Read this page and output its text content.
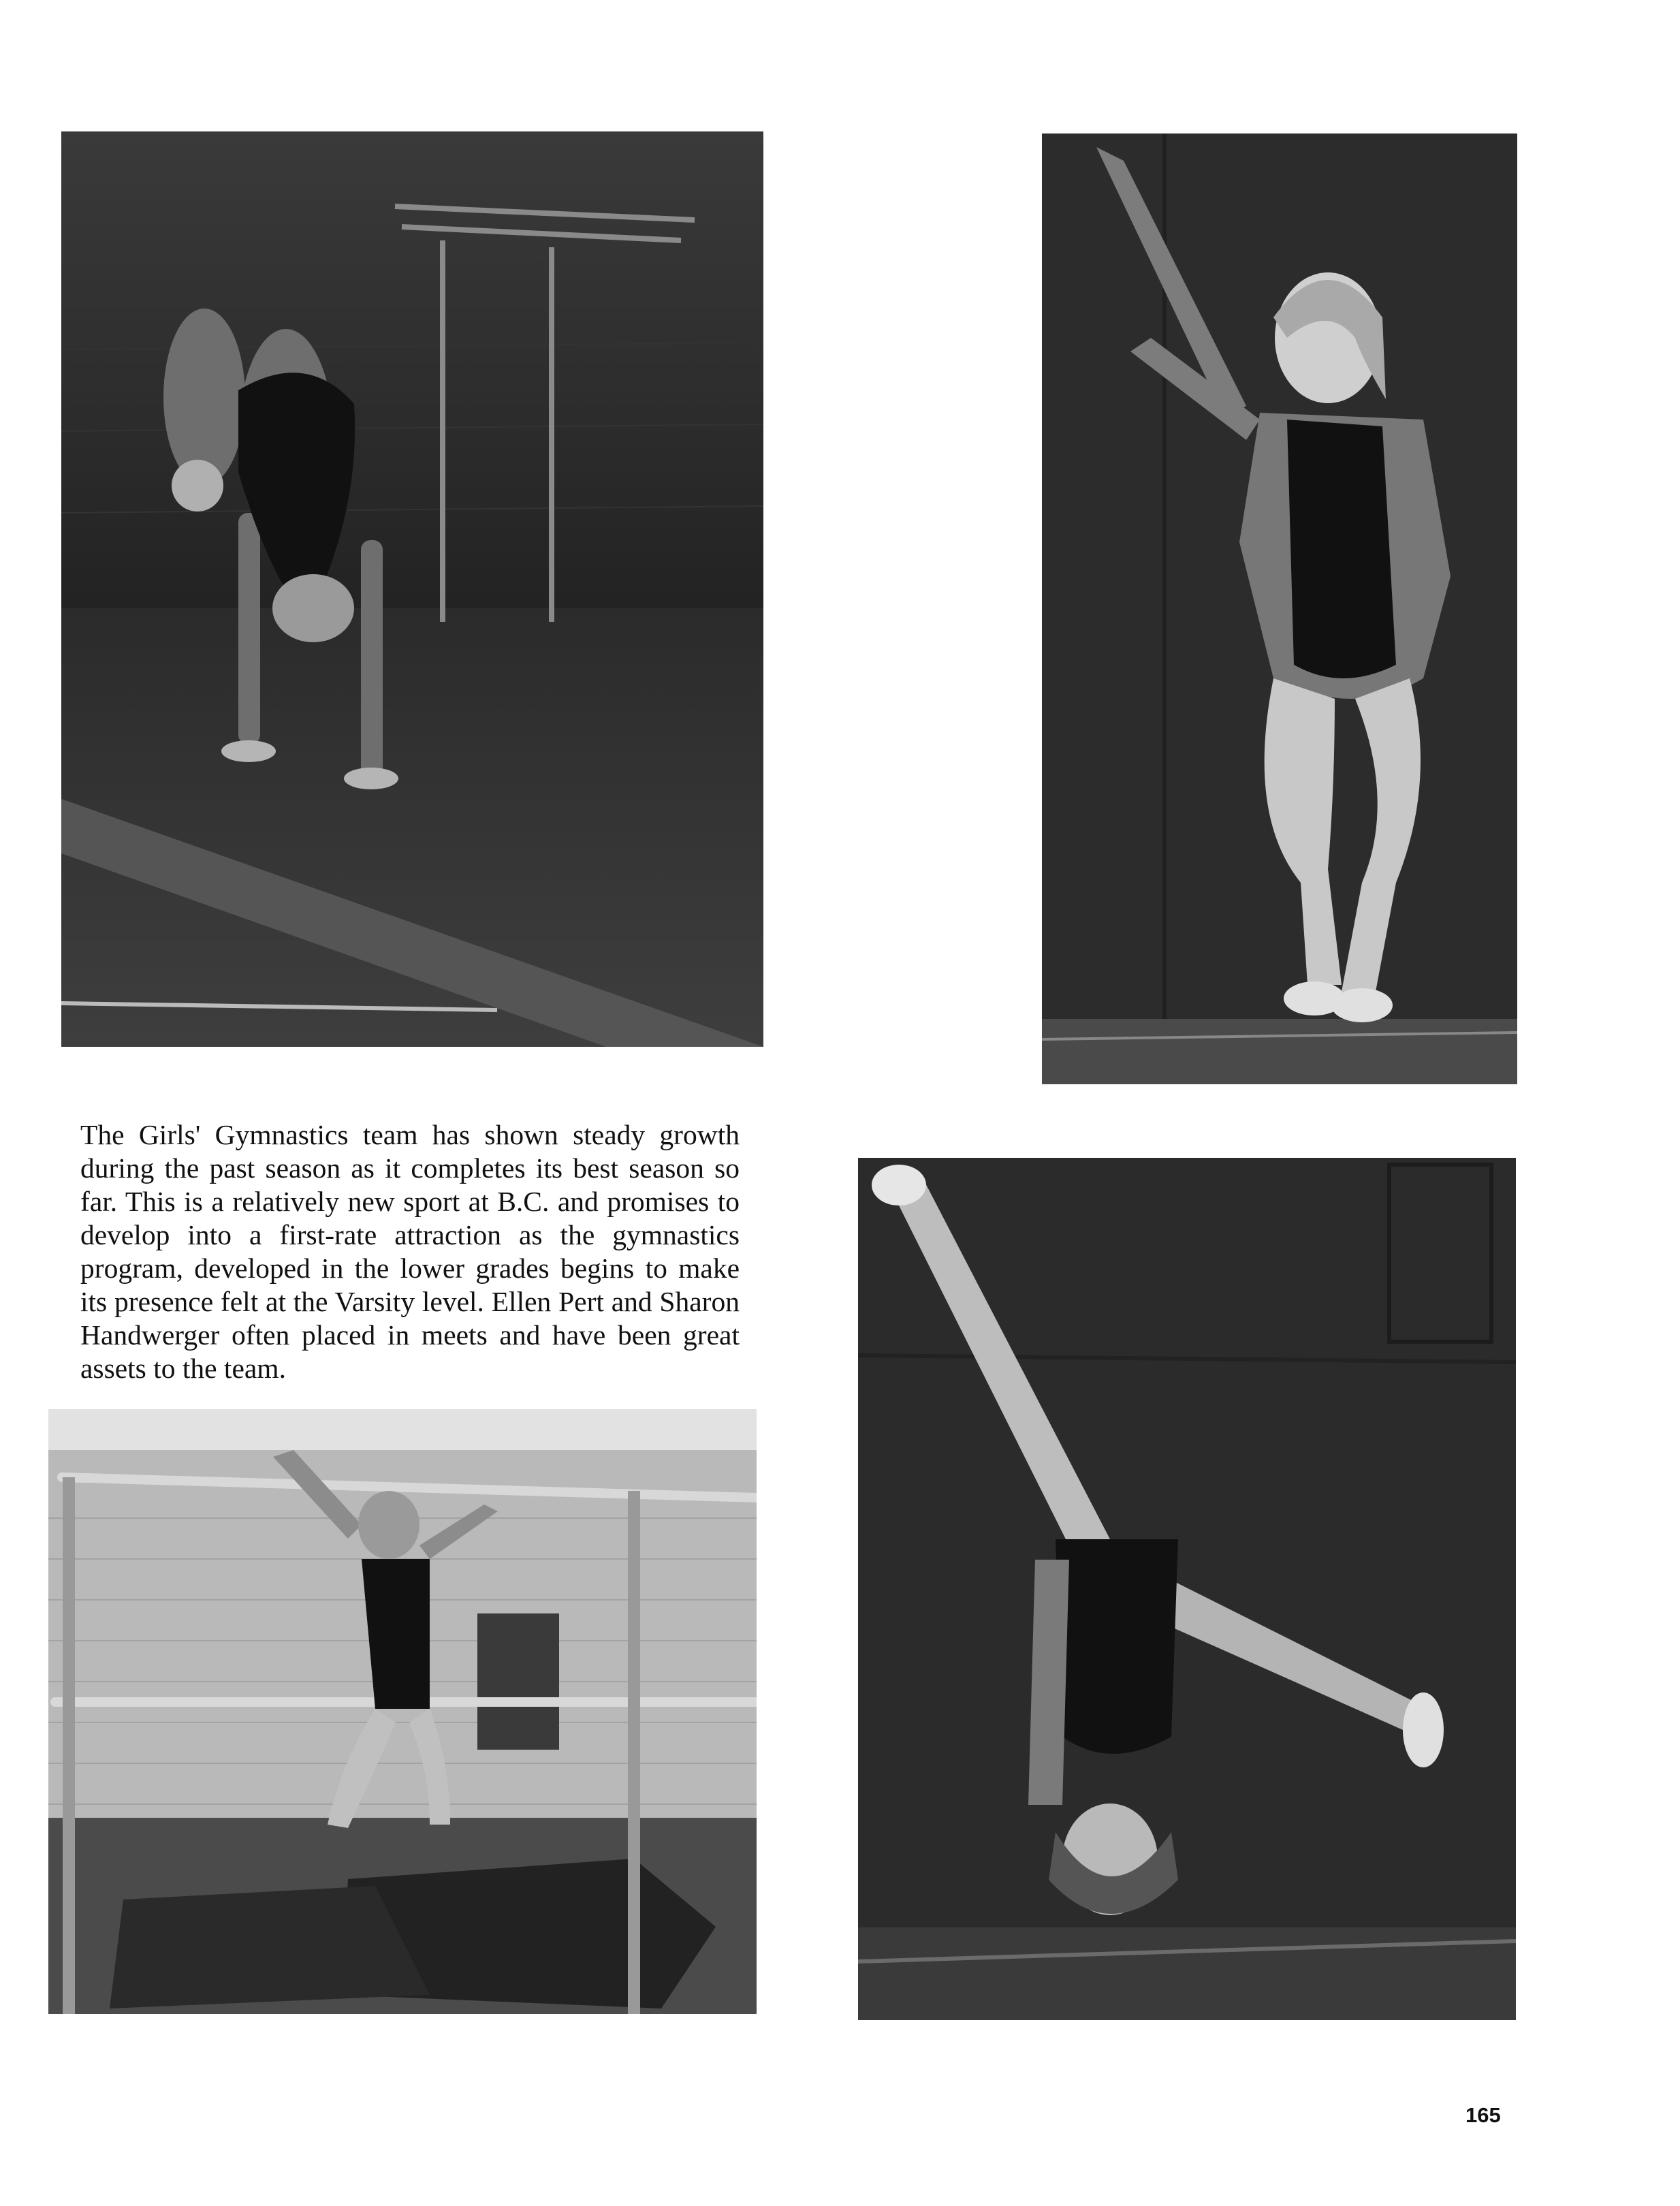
The Girls' Gymnastics team has shown steady growth during the past season as it completes its best season so far. This is a relatively new sport at B.C. and promises to develop into a first-rate attraction as the gymnastics program, developed in the lower grades begins to make its presence felt at the Varsity level. Ellen Pert and Sharon Handwerger often placed in meets and have been great assets to the team.

165
